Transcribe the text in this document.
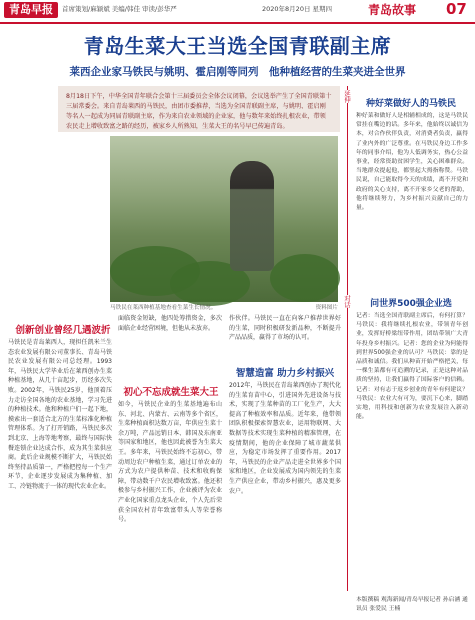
青岛早报	首席策划/麻颖斌 美编/韩佳 审读/彭华严	2020年8月20日 星期四	青岛故事 07
青岛生菜大王当选全国青联副主席
莱西企业家马铁民与姚明、霍启刚等同列　他种植经营的生菜夹进全世界
8月18日下午，中华全国青年联合会第十三届委员会全体会议闭幕，会议选举产生了全国青联第十三届常委会。来自青岛莱西的马铁民，由团市委推荐，当选为全国青联副主席，与姚明、霍启刚等名人一起成为同届青联副主席，作为来自农业领域的企业家，他与数年来始终扎根农业，带领农民走上增收致富之路的经历，被家乡人所熟知，生菜大王的名号早已传遍青岛。
马铁民在莱西种植基地查看生菜生长情况。	资料图片
创新创业曾经几遇波折
马铁民是青岛莱西人，现担任凯米兰生态农业发展有限公司董事长、青岛马铁民农业发展有限公司总经理。1993年，马铁民大学毕业后在莱西创办生菜种植基地，从几十亩起步，历经多次失败。2002年，马铁民25岁，他顶着压力走访全国各地的农业基地，学习先进的种植技术。他和种植户们一起下地，摸索出一套适合北方的生菜标准化种植管理体系。为了打开销路，马铁民多次到北京、上海等地考察，最终与国际快餐连锁企业达成合作，成为其生菜供应商。此后企业规模不断扩大，马铁民始终坚持品质第一，严格把控每一个生产环节，企业逐步发展成为集种植、加工、冷链物流于一体的现代农业企业。
面临资金短缺，他四处筹措资金，多次面临企业经营困境，但他从未放弃。
初心不忘成就生菜大王
如今，马铁民企业的生菜基地遍布山东、河北、内蒙古、云南等多个省区，生菜种植面积达数万亩，年供应生菜十余万吨，产品远销日本、韩国及东南亚等国家和地区，他也因此被誉为生菜大王。多年来，马铁民始终不忘初心，带动周边农户种植生菜，通过订单农业的方式为农户提供种苗、技术和收购保障，带动数千户农民增收致富。他还积极参与乡村振兴工作，企业被评为农业产业化国家重点龙头企业，个人先后荣获全国农村青年致富带头人等荣誉称号。
作伙伴。马铁民一直在向客户推荐世界好的生菜，同时积极研发新品种，不断提升产品品质，赢得了市场的认可。
智慧造富 助力乡村振兴
2012年，马铁民在青岛莱西创办了现代化的生菜育苗中心，引进国外先进设备与技术，实现了生菜种苗的工厂化生产，大大提高了种植效率和品质。近年来，他带领团队积极探索智慧农业，运用物联网、大数据等技术实现生菜种植的精准管理，在疫情期间，他的企业保障了城市蔬菜供应，为稳定市场发挥了重要作用。2017年，马铁民的企业产品走进全世界多个国家和地区，企业发展成为国内领先的生菜生产供应企业，带动乡村振兴，惠及更多农户。
延伸
对话
种好菜做好人的马铁民
种好菜和做好人是相辅相成的，这是马铁民常挂在嘴边的话。多年来，他始终以诚信为本，对合作伙伴负责，对消费者负责，赢得了业内外的广泛尊重。在马铁民身边工作多年的同事介绍，他为人低调务实，热心公益事业，经常资助贫困学生，关心困难群众。当地群众提起他，都竖起大拇指称赞。马铁民说，自己能取得今天的成绩，离不开党和政府的关心支持，离不开家乡父老的帮助，他将继续努力，为乡村振兴贡献自己的力量。
问世界500强企业选
记者：当选全国青联副主席后，有何打算？马铁民：我将继续扎根农业，带领青年创业，发挥好桥梁纽带作用，团结带领广大青年投身乡村振兴。记者：您的企业为何能得到世界500强企业的认可？马铁民：靠的是品质和诚信。我们从种苗开始严格把关，每一棵生菜都有可追溯的记录，正是这种对品质的坚持，让我们赢得了国际客户的信赖。记者：对有志于返乡创业的青年有何建议？马铁民：农业大有可为，要沉下心来，脚踏实地，用科技和创新为农业发展注入新动能。
本版撰稿 观海新闻/青岛早报记者 孙启涵 通讯员 张爱民 王楠
